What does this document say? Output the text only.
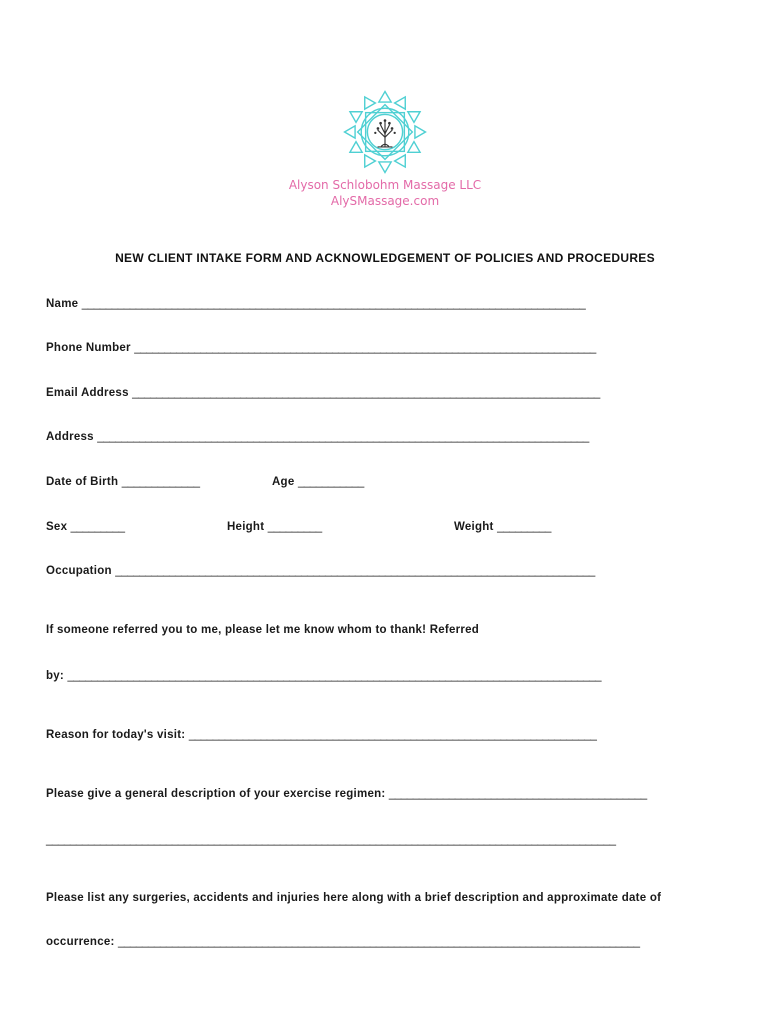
Alyson Schlobohm Massage LLC
AlySMassage.com
NEW CLIENT INTAKE FORM AND ACKNOWLEDGEMENT OF POLICIES AND PROCEDURES
Name ____________________________________________________________________________________
Phone Number _____________________________________________________________________________
Email Address ______________________________________________________________________________
Address __________________________________________________________________________________
Date of Birth _____________	Age ___________
Sex _________	Height _________	Weight _________
Occupation ________________________________________________________________________________
If someone referred you to me, please let me know whom to thank! Referred
by: _________________________________________________________________________________________
Reason for today's visit: ____________________________________________________________________
Please give a general description of your exercise regimen: ___________________________________________
_______________________________________________________________________________________________
Please list any surgeries, accidents and injuries here along with a brief description and approximate date of
occurrence: _______________________________________________________________________________________
